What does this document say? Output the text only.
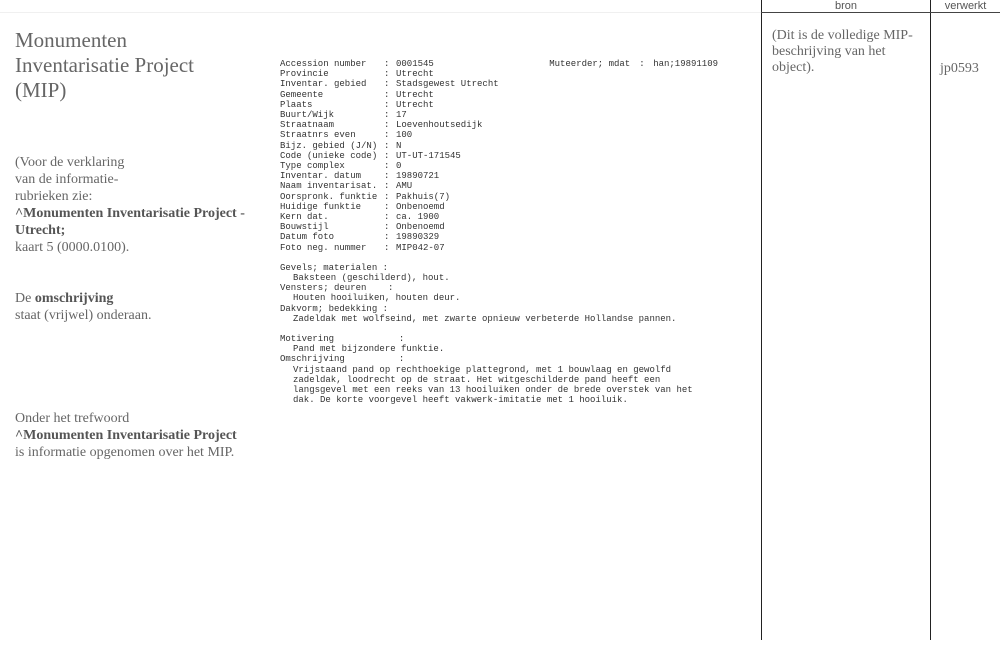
Monumenten Inventarisatie Project (MIP)
(Voor de verklaring
van de informatie-
rubrieken zie:
^Monumenten Inventarisatie Project - Utrecht;
kaart 5 (0000.0100).
De omschrijving
staat (vrijwel) onderaan.
Onder het trefwoord
^Monumenten Inventarisatie Project is informatie opgenomen over het MIP.
Accession number	: 0001545	Muteerder; mdat : han;19891109
Provincie	: Utrecht
Inventar. gebied	: Stadsgewest Utrecht
Gemeente	: Utrecht
Plaats	: Utrecht
Buurt/Wijk	: 17
Straatnaam	: Loevenhoutsedijk
Straatnrs even	: 100
Bijz. gebied (J/N) : N
Code (unieke code) : UT-UT-171545
Type complex	: 0
Inventar. datum	: 19890721
Naam inventarisat. : AMU
Oorspronk. funktie : Pakhuis(7)
Huidige funktie	: Onbenoemd
Kern dat.	: ca. 1900
Bouwstijl	: Onbenoemd
Datum foto	: 19890329
Foto neg. nummer	: MIP042-07
Gevels; materialen :
Baksteen (geschilderd), hout.
Vensters; deuren    :
Houten hooiluiken, houten deur.
Dakvorm; bedekking :
Zadeldak met wolfseind, met zwarte opnieuw verbeterde Hollandse pannen.
Motivering            :
Pand met bijzondere funktie.
Omschrijving          :
Vrijstaand pand op rechthoekige plattegrond, met 1 bouwlaag en gewolfd
zadeldak, loodrecht op de straat. Het witgeschilderde pand heeft een
langsgevel met een reeks van 13 hooiluiken onder de brede overstek van het
dak. De korte voorgevel heeft vakwerk-imitatie met 1 hooiluik.
bron	verwerkt
(Dit is de volledige MIP-beschrijving van het object).	jp0593
